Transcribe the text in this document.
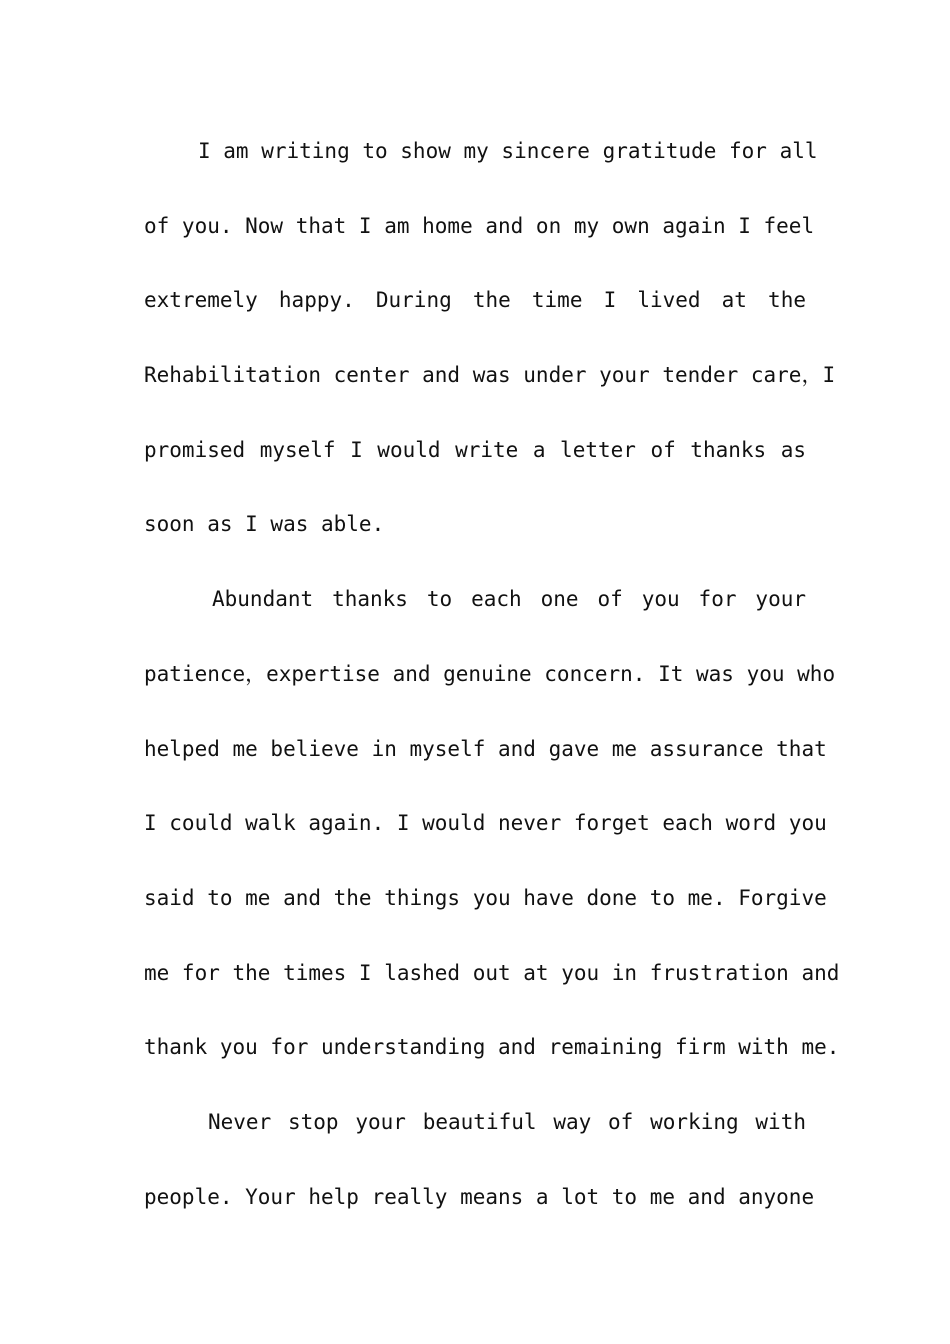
I am writing to show my sincere gratitude for all
of you. Now that I am home and on my own again I feel
extremely happy. During the time I lived at the
Rehabilitation center and was under your tender care，I
promised myself I would write a letter of thanks as
soon as I was able.
Abundant thanks to each one of you for your
patience，expertise and genuine concern. It was you who
helped me believe in myself and gave me assurance that
I could walk again. I would never forget each word you
said to me and the things you have done to me. Forgive
me for the times I lashed out at you in frustration and
thank you for understanding and remaining firm with me.
Never stop your beautiful way of working with
people. Your help really means a lot to me and anyone
